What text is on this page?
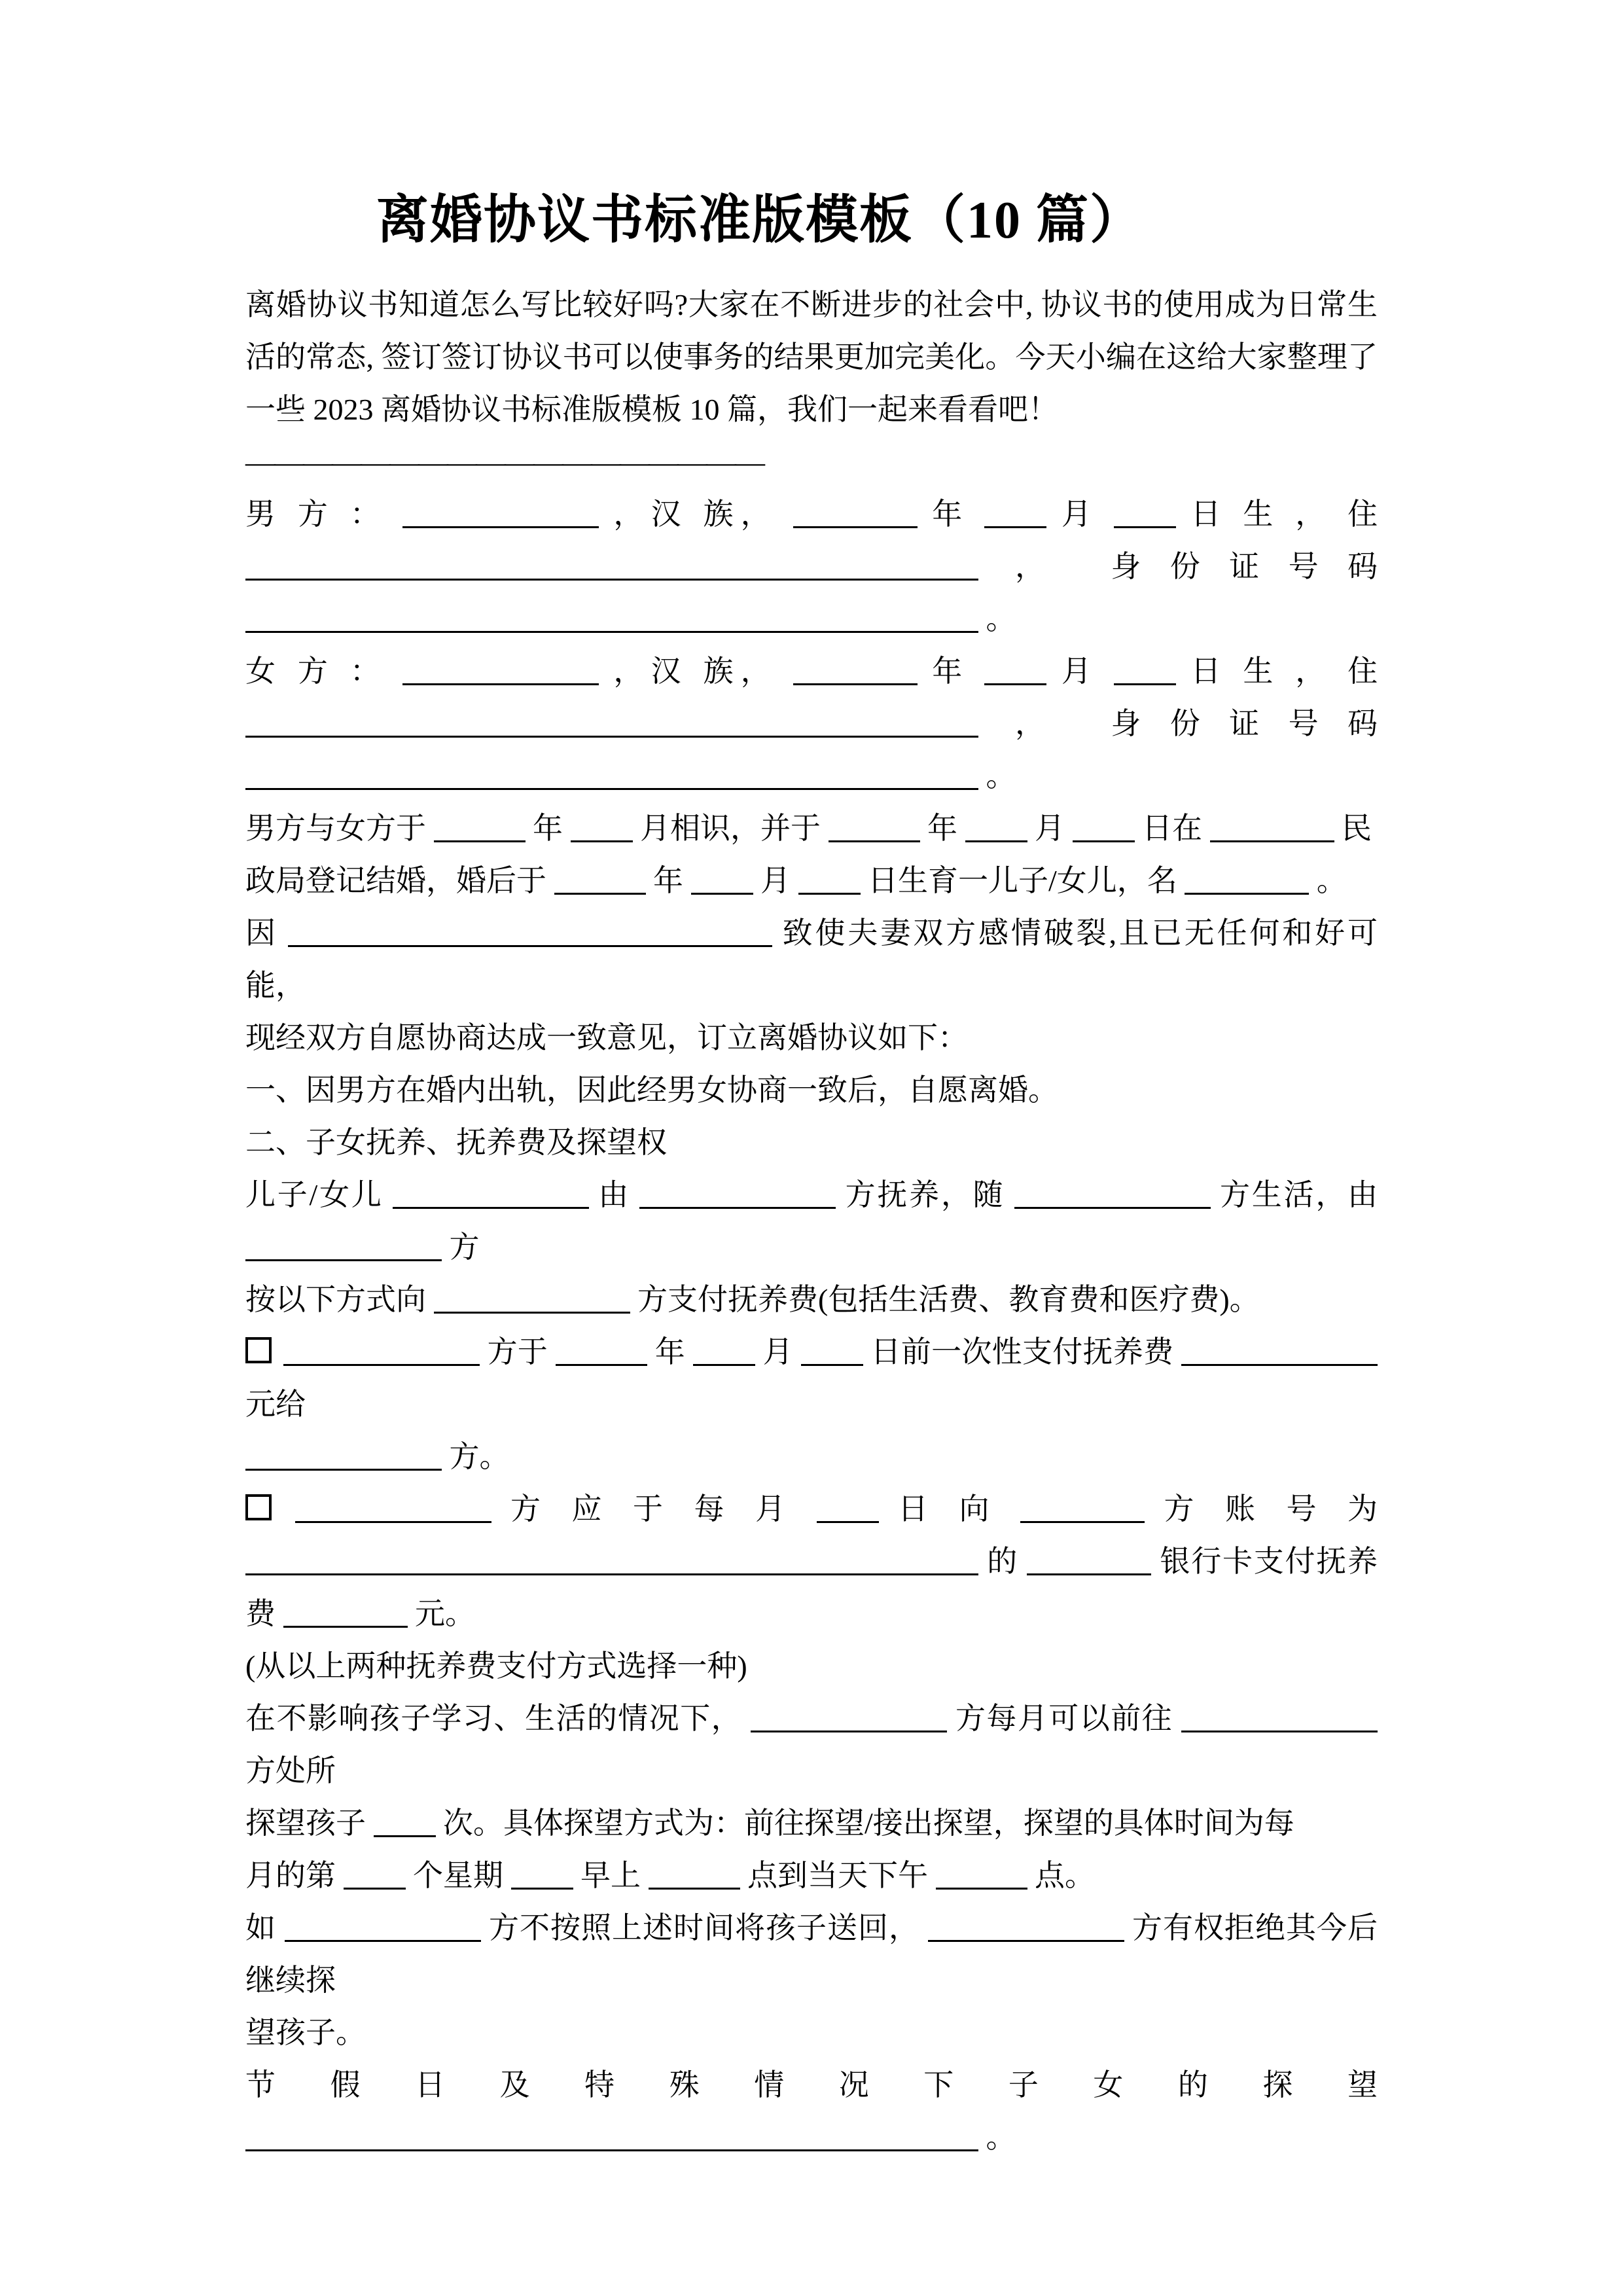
离婚协议书标准版模板（10 篇）

离婚协议书知道怎么写比较好吗?大家在不断进步的社会中, 协议书的使用成为日常生活的常态, 签订签订协议书可以使事务的结果更加完美化。今天小编在这给大家整理了一些 2023 离婚协议书标准版模板 10 篇，我们一起来看看吧！

——————————————————

男 方 ：	，汉 族，	年	月	日 生 ， 住

， 身份证号码  。

女 方 ：	，汉 族，	年	月	日 生 ， 住

， 身份证号码  。

男方与女方于	年	月相识，并于	年	月	日在	民

政局登记结婚，婚后于	年	月	日生育一儿子/女儿，名	。

因	致使夫妻双方感情破裂,且已无任何和好可能，

现经双方自愿协商达成一致意见，订立离婚协议如下：

一、因男方在婚内出轨，因此经男女协商一致后，自愿离婚。

二、子女抚养、抚养费及探望权

儿子/女儿	由	方抚养，随	方生活，由  方

按以下方式向	方支付抚养费(包括生活费、教育费和医疗费)。

方于	年	月	日前一次性支付抚养费  元给

方。

方 应 于 每 月	日 向	方 账 号 为

的	银行卡支付抚养费	元。

(从以上两种抚养费支付方式选择一种)

在不影响孩子学习、生活的情况下，	方每月可以前往  方处所

探望孩子	次。具体探望方式为：前往探望/接出探望，探望的具体时间为每

月的第	个星期	早上	点到当天下午	点。

如	方不按照上述时间将孩子送回，	方有权拒绝其今后继续探

望孩子。

节 假 日 及 特 殊 情 况 下 子 女 的 探 望

。
